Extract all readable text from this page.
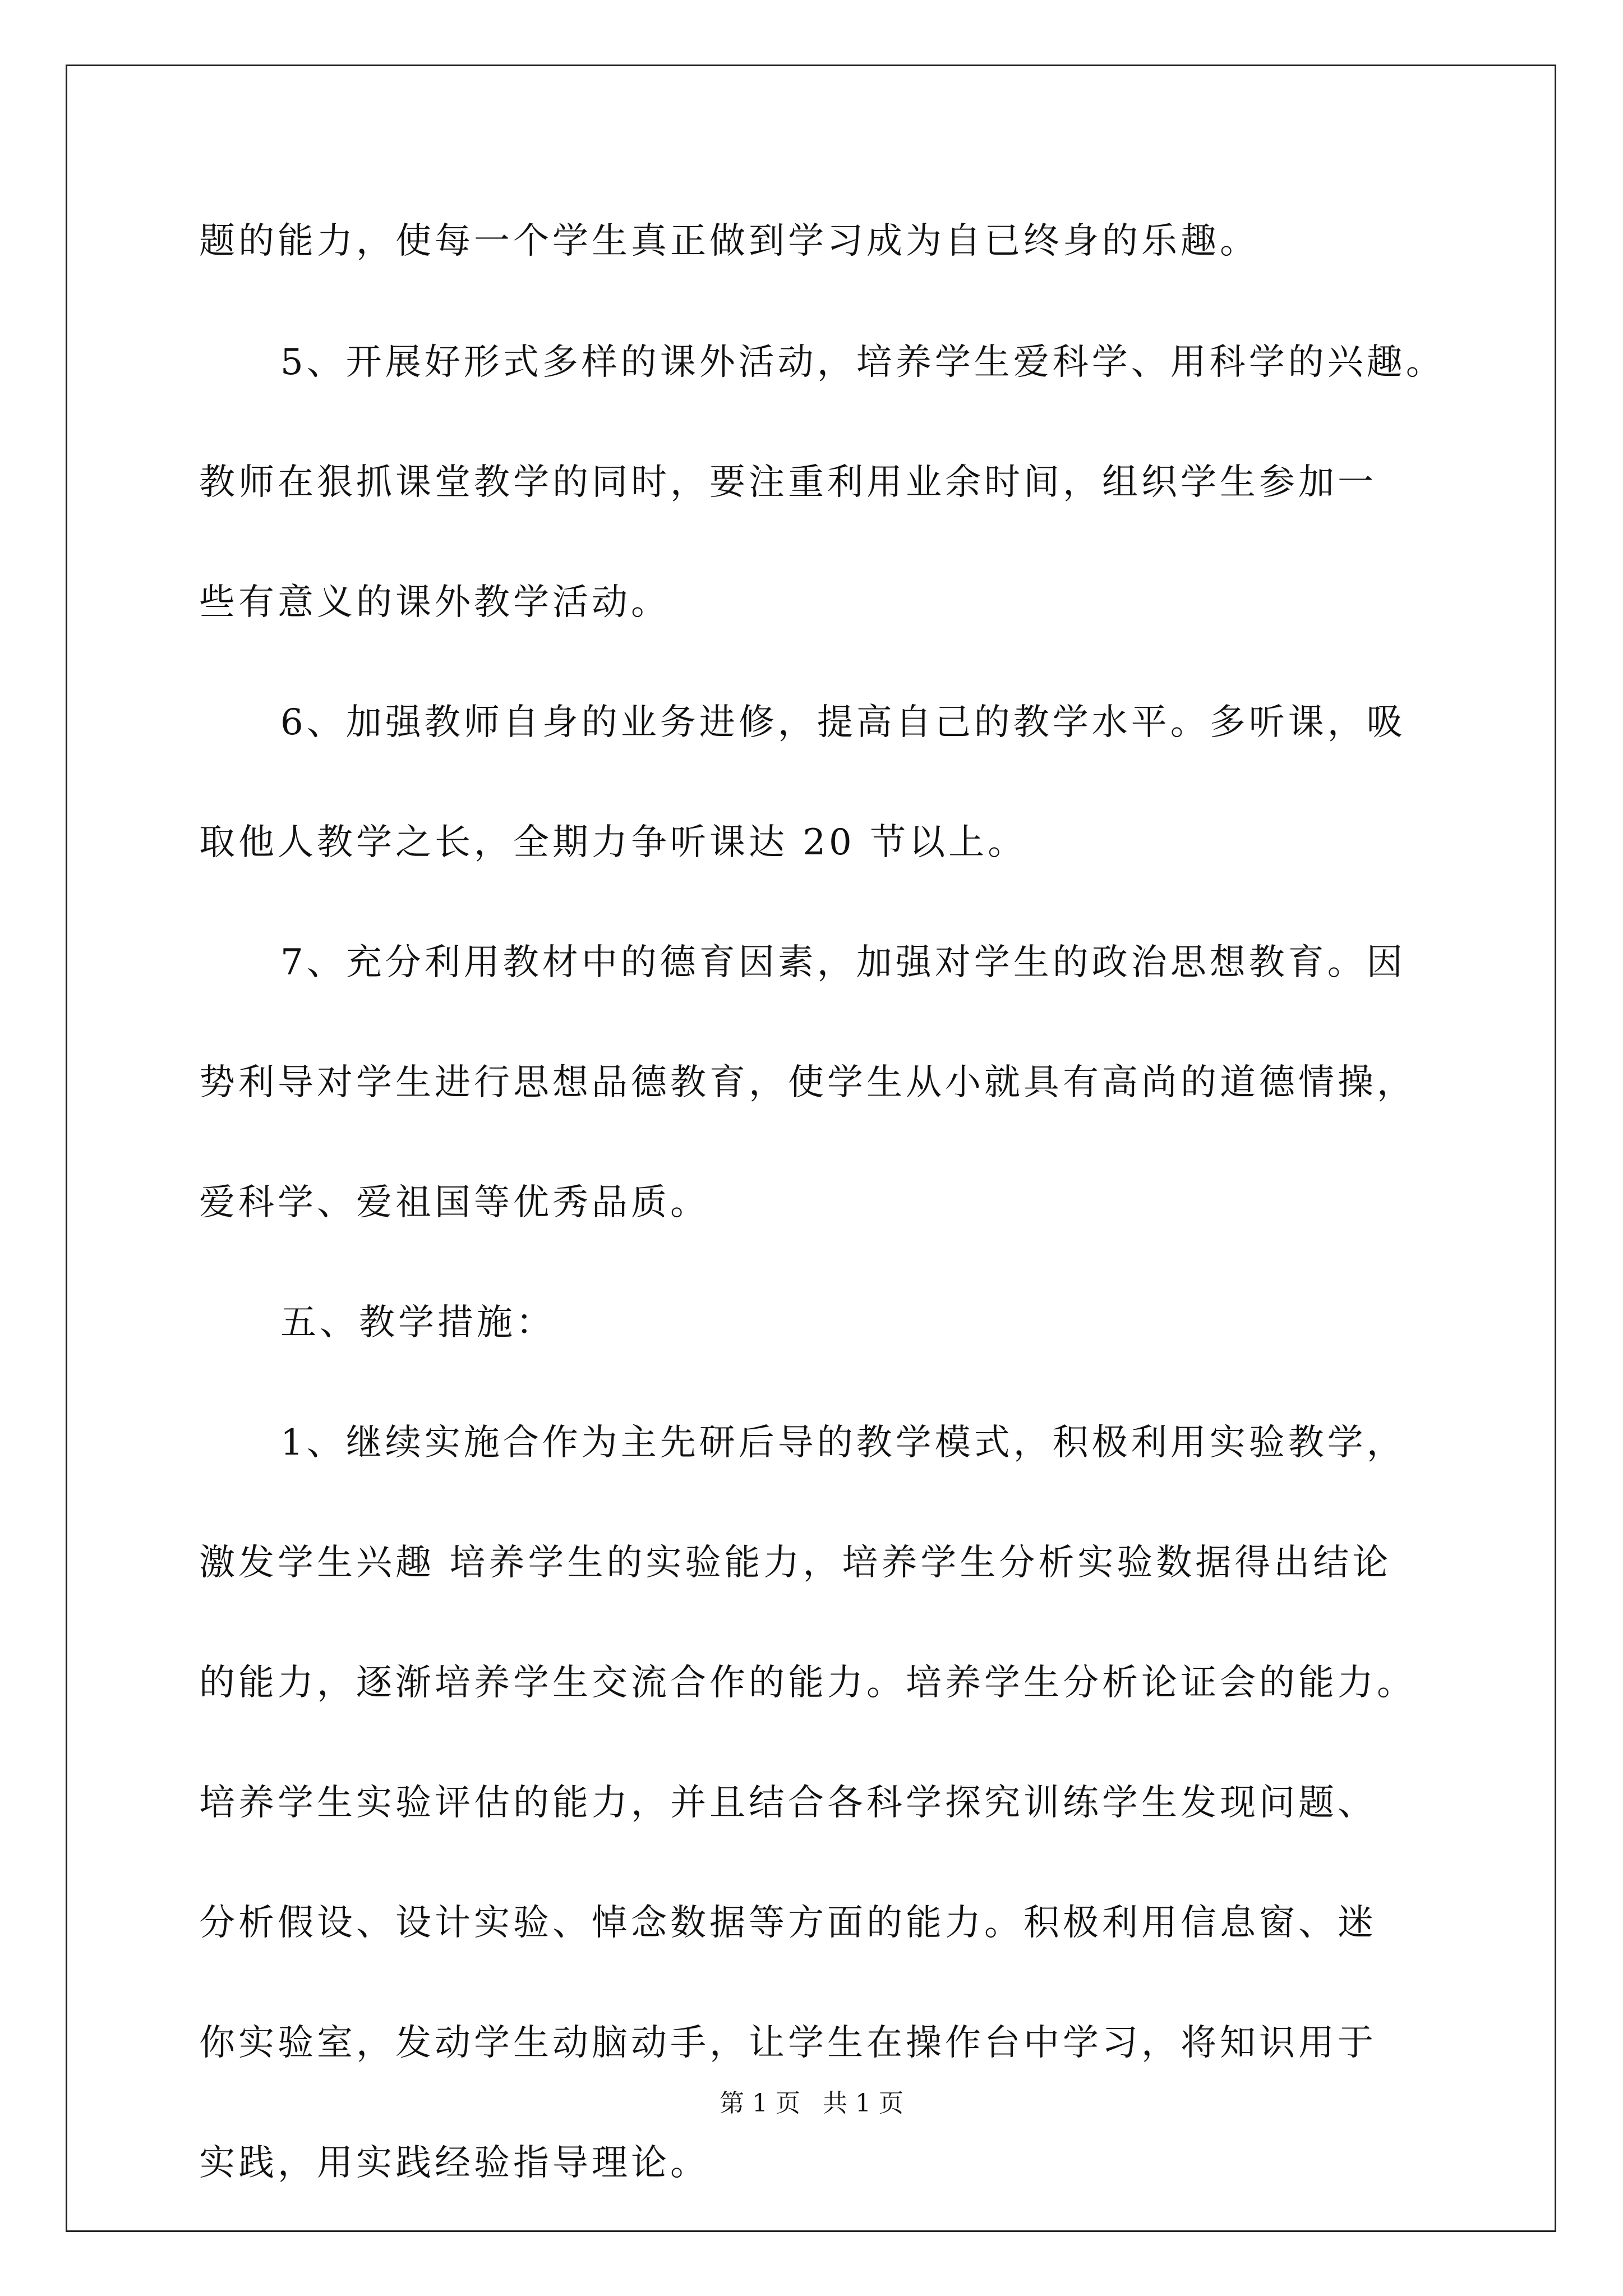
题的能力，使每一个学生真正做到学习成为自已终身的乐趣。
5、开展好形式多样的课外活动，培养学生爱科学、用科学的兴趣。
教师在狠抓课堂教学的同时，要注重利用业余时间，组织学生参加一
些有意义的课外教学活动。
6、加强教师自身的业务进修，提高自己的教学水平。多听课，吸
取他人教学之长，全期力争听课达 20 节以上。
7、充分利用教材中的德育因素，加强对学生的政治思想教育。因
势利导对学生进行思想品德教育，使学生从小就具有高尚的道德情操，
爱科学、爱祖国等优秀品质。
五、教学措施：
1、继续实施合作为主先研后导的教学模式，积极利用实验教学，
激发学生兴趣 培养学生的实验能力，培养学生分析实验数据得出结论
的能力，逐渐培养学生交流合作的能力。培养学生分析论证会的能力。
培养学生实验评估的能力，并且结合各科学探究训练学生发现问题、
分析假设、设计实验、悼念数据等方面的能力。积极利用信息窗、迷
你实验室，发动学生动脑动手，让学生在操作台中学习，将知识用于
实践，用实践经验指导理论。
第 1 页 共 1 页
